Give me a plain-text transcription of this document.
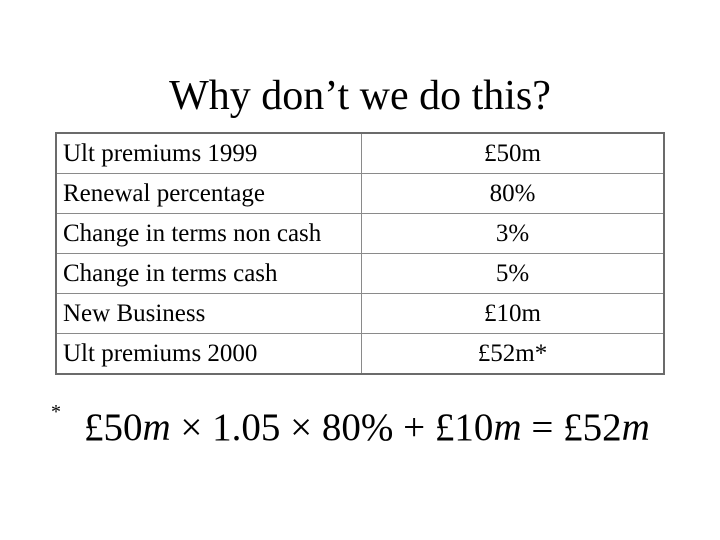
Why don’t we do this?
Ult premiums 1999	£50m
Renewal percentage	80%
Change in terms non cash	3%
Change in terms cash	5%
New Business	£10m
Ult premiums 2000	£52m*
* £50m × 1.05 × 80% + £10m = £52m
